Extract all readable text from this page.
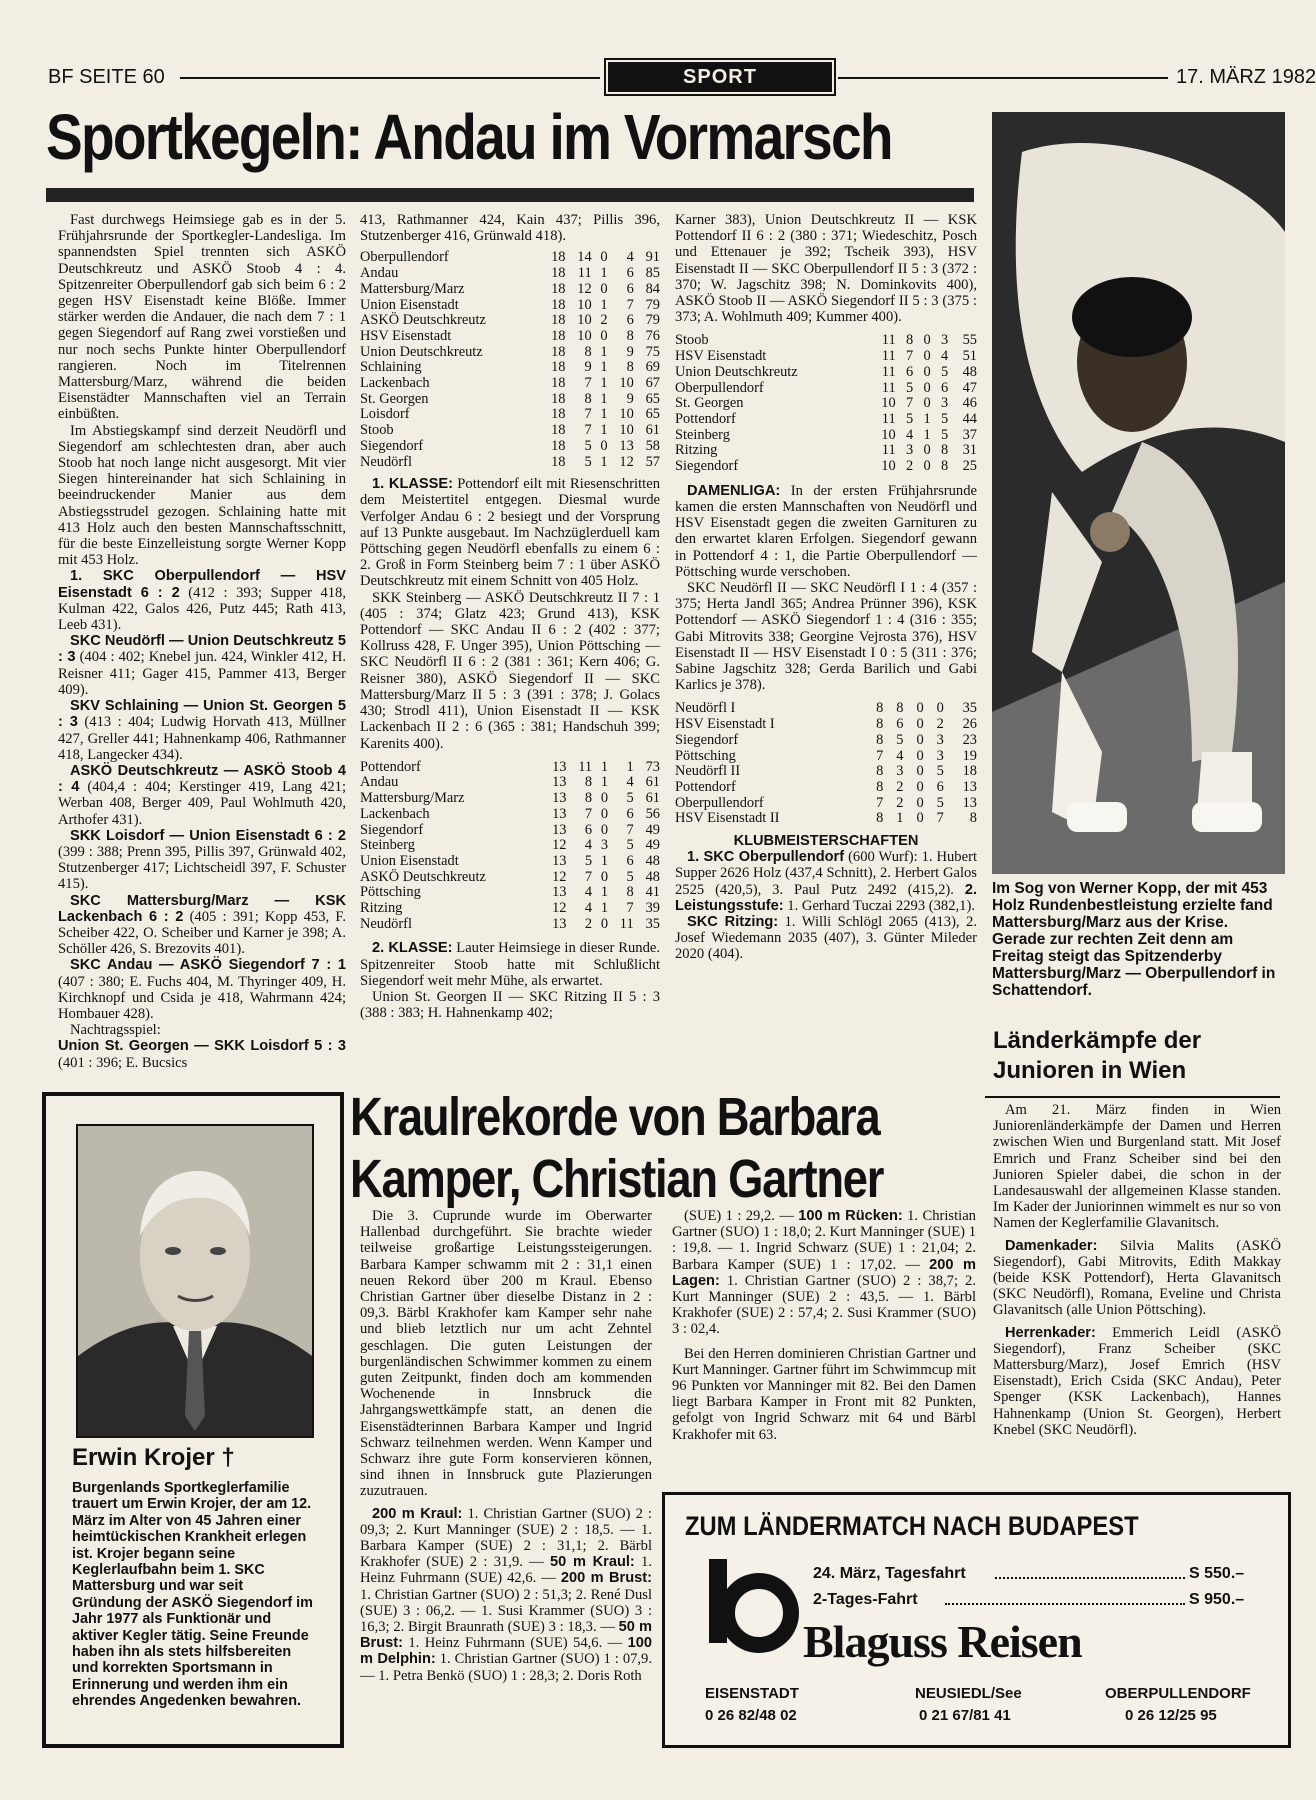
BF SEITE 60	SPORT	17. MÄRZ 1982
Sportkegeln: Andau im Vormarsch

Fast durchwegs Heimsiege gab es in der 5. Frühjahrsrunde der Sportkegler-Landesliga. Im spannendsten Spiel trennten sich ASKÖ Deutschkreutz und ASKÖ Stoob 4 : 4. Spitzenreiter Oberpullendorf gab sich beim 6 : 2 gegen HSV Eisenstadt keine Blöße. Immer stärker werden die Andauer, die nach dem 7 : 1 gegen Siegendorf auf Rang zwei vorstießen und nur noch sechs Punkte hinter Oberpullendorf rangieren. Noch im Titelrennen Mattersburg/Marz, während die beiden Eisenstädter Mannschaften viel an Terrain einbüßten.

Im Abstiegskampf sind derzeit Neudörfl und Siegendorf am schlechtesten dran, aber auch Stoob hat noch lange nicht ausgesorgt. Mit vier Siegen hintereinander hat sich Schlaining in beeindruckender Manier aus dem Abstiegsstrudel gezogen. Schlaining hatte mit 413 Holz auch den besten Mannschaftsschnitt, für die beste Einzelleistung sorgte Werner Kopp mit 453 Holz.

1. SKC Oberpullendorf — HSV Eisenstadt 6 : 2 (412 : 393; Supper 418, Kulman 422, Galos 426, Putz 445; Rath 413, Leeb 431).

SKC Neudörfl — Union Deutschkreutz 5 : 3 (404 : 402; Knebel jun. 424, Winkler 412, H. Reisner 411; Gager 415, Pammer 413, Berger 409).

SKV Schlaining — Union St. Georgen 5 : 3 (413 : 404; Ludwig Horvath 413, Müllner 427, Greller 441; Hahnenkamp 406, Rathmanner 418, Langecker 434).

ASKÖ Deutschkreutz — ASKÖ Stoob 4 : 4 (404,4 : 404; Kerstinger 419, Lang 421; Werban 408, Berger 409, Paul Wohlmuth 420, Arthofer 431).

SKK Loisdorf — Union Eisenstadt 6 : 2 (399 : 388; Prenn 395, Pillis 397, Grünwald 402, Stutzenberger 417; Lichtscheidl 397, F. Schuster 415).

SKC Mattersburg/Marz — KSK Lackenbach 6 : 2 (405 : 391; Kopp 453, F. Scheiber 422, O. Scheiber und Karner je 398; A. Schöller 426, S. Brezovits 401).

SKC Andau — ASKÖ Siegendorf 7 : 1 (407 : 380; E. Fuchs 404, M. Thyringer 409, H. Kirchknopf und Csida je 418, Wahrmann 424; Hombauer 428).

Nachtragsspiel:

Union St. Georgen — SKK Loisdorf 5 : 3 (401 : 396; E. Bucsics

413, Rathmanner 424, Kain 437; Pillis 396, Stutzenberger 416, Grünwald 418).
Oberpullendorf	18	14	0	4	91
Andau	18	11	1	6	85
Mattersburg/Marz	18	12	0	6	84
Union Eisenstadt	18	10	1	7	79
ASKÖ Deutschkreutz	18	10	2	6	79
HSV Eisenstadt	18	10	0	8	76
Union Deutschkreutz	18	8	1	9	75
Schlaining	18	9	1	8	69
Lackenbach	18	7	1	10	67
St. Georgen	18	8	1	9	65
Loisdorf	18	7	1	10	65
Stoob	18	7	1	10	61
Siegendorf	18	5	0	13	58
Neudörfl	18	5	1	12	57

1. KLASSE: Pottendorf eilt mit Riesenschritten dem Meistertitel entgegen. Diesmal wurde Verfolger Andau 6 : 2 besiegt und der Vorsprung auf 13 Punkte ausgebaut. Im Nachzüglerduell kam Pöttsching gegen Neudörfl ebenfalls zu einem 6 : 2. Groß in Form Steinberg beim 7 : 1 über ASKÖ Deutschkreutz mit einem Schnitt von 405 Holz.

SKK Steinberg — ASKÖ Deutschkreutz II 7 : 1 (405 : 374; Glatz 423; Grund 413), KSK Pottendorf — SKC Andau II 6 : 2 (402 : 377; Kollruss 428, F. Unger 395), Union Pöttsching — SKC Neudörfl II 6 : 2 (381 : 361; Kern 406; G. Reisner 380), ASKÖ Siegendorf II — SKC Mattersburg/Marz II 5 : 3 (391 : 378; J. Golacs 430; Strodl 411), Union Eisenstadt II — KSK Lackenbach II 2 : 6 (365 : 381; Handschuh 399; Karenits 400).

Pottendorf	13	11	1	1	73
Andau	13	8	1	4	61
Mattersburg/Marz	13	8	0	5	61
Lackenbach	13	7	0	6	56
Siegendorf	13	6	0	7	49
Steinberg	12	4	3	5	49
Union Eisenstadt	13	5	1	6	48
ASKÖ Deutschkreutz	12	7	0	5	48
Pöttsching	13	4	1	8	41
Ritzing	12	4	1	7	39
Neudörfl	13	2	0	11	35

2. KLASSE: Lauter Heimsiege in dieser Runde. Spitzenreiter Stoob hatte mit Schlußlicht Siegendorf weit mehr Mühe, als erwartet.

Union St. Georgen II — SKC Ritzing II 5 : 3 (388 : 383; H. Hahnenkamp 402;

Karner 383), Union Deutschkreutz II — KSK Pottendorf II 6 : 2 (380 : 371; Wiedeschitz, Posch und Ettenauer je 392; Tscheik 393), HSV Eisenstadt II — SKC Oberpullendorf II 5 : 3 (372 : 370; W. Jagschitz 398; N. Dominkovits 400), ASKÖ Stoob II — ASKÖ Siegendorf II 5 : 3 (375 : 373; A. Wohlmuth 409; Kummer 400).
Stoob	11	8	0	3	55
HSV Eisenstadt	11	7	0	4	51
Union Deutschkreutz	11	6	0	5	48
Oberpullendorf	11	5	0	6	47
St. Georgen	10	7	0	3	46
Pottendorf	11	5	1	5	44
Steinberg	10	4	1	5	37
Ritzing	11	3	0	8	31
Siegendorf	10	2	0	8	25

DAMENLIGA: In der ersten Frühjahrsrunde kamen die ersten Mannschaften von Neudörfl und HSV Eisenstadt gegen die zweiten Garnituren zu den erwartet klaren Erfolgen. Siegendorf gewann in Pottendorf 4 : 1, die Partie Oberpullendorf — Pöttsching wurde verschoben.

SKC Neudörfl II — SKC Neudörfl I 1 : 4 (357 : 375; Herta Jandl 365; Andrea Prünner 396), KSK Pottendorf — ASKÖ Siegendorf 1 : 4 (316 : 355; Gabi Mitrovits 338; Georgine Vejrosta 376), HSV Eisenstadt II — HSV Eisenstadt I 0 : 5 (311 : 376; Sabine Jagschitz 328; Gerda Barilich und Gabi Karlics je 378).

Neudörfl I	8	8	0	0	35
HSV Eisenstadt I	8	6	0	2	26
Siegendorf	8	5	0	3	23
Pöttsching	7	4	0	3	19
Neudörfl II	8	3	0	5	18
Pottendorf	8	2	0	6	13
Oberpullendorf	7	2	0	5	13
HSV Eisenstadt II	8	1	0	7	8
KLUBMEISTERSCHAFTEN

1. SKC Oberpullendorf (600 Wurf): 1. Hubert Supper 2626 Holz (437,4 Schnitt), 2. Herbert Galos 2525 (420,5), 3. Paul Putz 2492 (415,2). 2. Leistungsstufe: 1. Gerhard Tuczai 2293 (382,1).

SKC Ritzing: 1. Willi Schlögl 2065 (413), 2. Josef Wiedemann 2035 (407), 3. Günter Mileder 2020 (404).

Im Sog von Werner Kopp, der mit 453 Holz Rundenbestleistung erzielte fand Mattersburg/Marz aus der Krise. Gerade zur rechten Zeit denn am Freitag steigt das Spitzenderby Mattersburg/Marz — Oberpullendorf in Schattendorf.
Länderkämpfe der Junioren in Wien

Am 21. März finden in Wien Juniorenländerkämpfe der Damen und Herren zwischen Wien und Burgenland statt. Mit Josef Emrich und Franz Scheiber sind bei den Junioren Spieler dabei, die schon in der Landesauswahl der allgemeinen Klasse standen. Im Kader der Juniorinnen wimmelt es nur so von Namen der Keglerfamilie Glavanitsch.

Damenkader: Silvia Malits (ASKÖ Siegendorf), Gabi Mitrovits, Edith Makkay (beide KSK Pottendorf), Herta Glavanitsch (SKC Neudörfl), Romana, Eveline und Christa Glavanitsch (alle Union Pöttsching).

Herrenkader: Emmerich Leidl (ASKÖ Siegendorf), Franz Scheiber (SKC Mattersburg/Marz), Josef Emrich (HSV Eisenstadt), Erich Csida (SKC Andau), Peter Spenger (KSK Lackenbach), Hannes Hahnenkamp (Union St. Georgen), Herbert Knebel (SKC Neudörfl).

Erwin Krojer †
Burgenlands Sportkeglerfamilie trauert um Erwin Krojer, der am 12. März im Alter von 45 Jahren einer heimtückischen Krankheit erlegen ist. Krojer begann seine Keglerlaufbahn beim 1. SKC Mattersburg und war seit Gründung der ASKÖ Siegendorf im Jahr 1977 als Funktionär und aktiver Kegler tätig. Seine Freunde haben ihn als stets hilfsbereiten und korrekten Sportsmann in Erinnerung und werden ihm ein ehrendes Angedenken bewahren.
Kraulrekorde von Barbara
Kamper, Christian Gartner

Die 3. Cuprunde wurde im Oberwarter Hallenbad durchgeführt. Sie brachte wieder teilweise großartige Leistungssteigerungen. Barbara Kamper schwamm mit 2 : 31,1 einen neuen Rekord über 200 m Kraul. Ebenso Christian Gartner über dieselbe Distanz in 2 : 09,3. Bärbl Krakhofer kam Kamper sehr nahe und blieb letztlich nur um acht Zehntel geschlagen. Die guten Leistungen der burgenländischen Schwimmer kommen zu einem guten Zeitpunkt, finden doch am kommenden Wochenende in Innsbruck die Jahrgangswettkämpfe statt, an denen die Eisenstädterinnen Barbara Kamper und Ingrid Schwarz teilnehmen werden. Wenn Kamper und Schwarz ihre gute Form konservieren können, sind ihnen in Innsbruck gute Plazierungen zuzutrauen.

200 m Kraul: 1. Christian Gartner (SUO) 2 : 09,3; 2. Kurt Manninger (SUE) 2 : 18,5. — 1. Barbara Kamper (SUE) 2 : 31,1; 2. Bärbl Krakhofer (SUE) 2 : 31,9. — 50 m Kraul: 1. Heinz Fuhrmann (SUE) 42,6. — 200 m Brust: 1. Christian Gartner (SUO) 2 : 51,3; 2. René Dusl (SUE) 3 : 06,2. — 1. Susi Krammer (SUO) 3 : 16,3; 2. Birgit Braunrath (SUE) 3 : 18,3. — 50 m Brust: 1. Heinz Fuhrmann (SUE) 54,6. — 100 m Delphin: 1. Christian Gartner (SUO) 1 : 07,9. — 1. Petra Benkö (SUO) 1 : 28,3; 2. Doris Roth

(SUE) 1 : 29,2. — 100 m Rücken: 1. Christian Gartner (SUO) 1 : 18,0; 2. Kurt Manninger (SUE) 1 : 19,8. — 1. Ingrid Schwarz (SUE) 1 : 21,04; 2. Barbara Kamper (SUE) 1 : 17,02. — 200 m Lagen: 1. Christian Gartner (SUO) 2 : 38,7; 2. Kurt Manninger (SUE) 2 : 43,5. — 1. Bärbl Krakhofer (SUE) 2 : 57,4; 2. Susi Krammer (SUO) 3 : 02,4.

Bei den Herren dominieren Christian Gartner und Kurt Manninger. Gartner führt im Schwimmcup mit 96 Punkten vor Manninger mit 82. Bei den Damen liegt Barbara Kamper in Front mit 82 Punkten, gefolgt von Ingrid Schwarz mit 64 und Bärbl Krakhofer mit 63.

ZUM LÄNDERMATCH NACH BUDAPEST
24. März, Tagesfahrt	S 550.–
2-Tages-Fahrt	S 950.–
Blaguss Reisen
EISENSTADT
0 26 82/48 02
NEUSIEDL/See
0 21 67/81 41
OBERPULLENDORF
0 26 12/25 95
